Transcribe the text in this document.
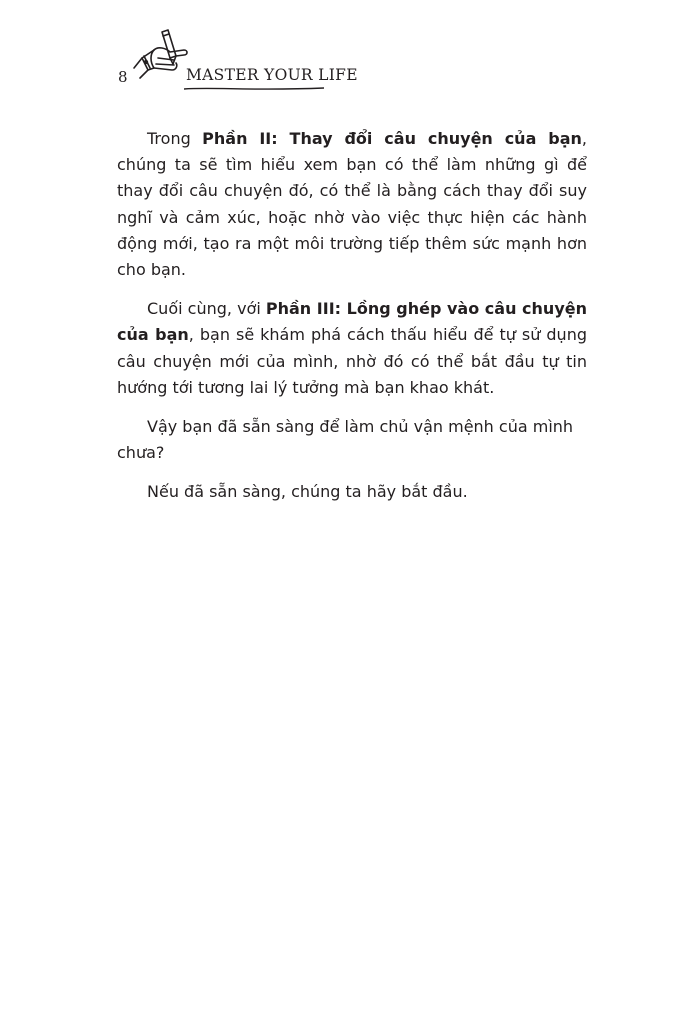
8	MASTER YOUR LIFE

Trong Phần II: Thay đổi câu chuyện của bạn, chúng ta sẽ tìm hiểu xem bạn có thể làm những gì để thay đổi câu chuyện đó, có thể là bằng cách thay đổi suy nghĩ và cảm xúc, hoặc nhờ vào việc thực hiện các hành động mới, tạo ra một môi trường tiếp thêm sức mạnh hơn cho bạn.

Cuối cùng, với Phần III: Lồng ghép vào câu chuyện của bạn, bạn sẽ khám phá cách thấu hiểu để tự sử dụng câu chuyện mới của mình, nhờ đó có thể bắt đầu tự tin hướng tới tương lai lý tưởng mà bạn khao khát.

Vậy bạn đã sẵn sàng để làm chủ vận mệnh của mình chưa?

Nếu đã sẵn sàng, chúng ta hãy bắt đầu.
